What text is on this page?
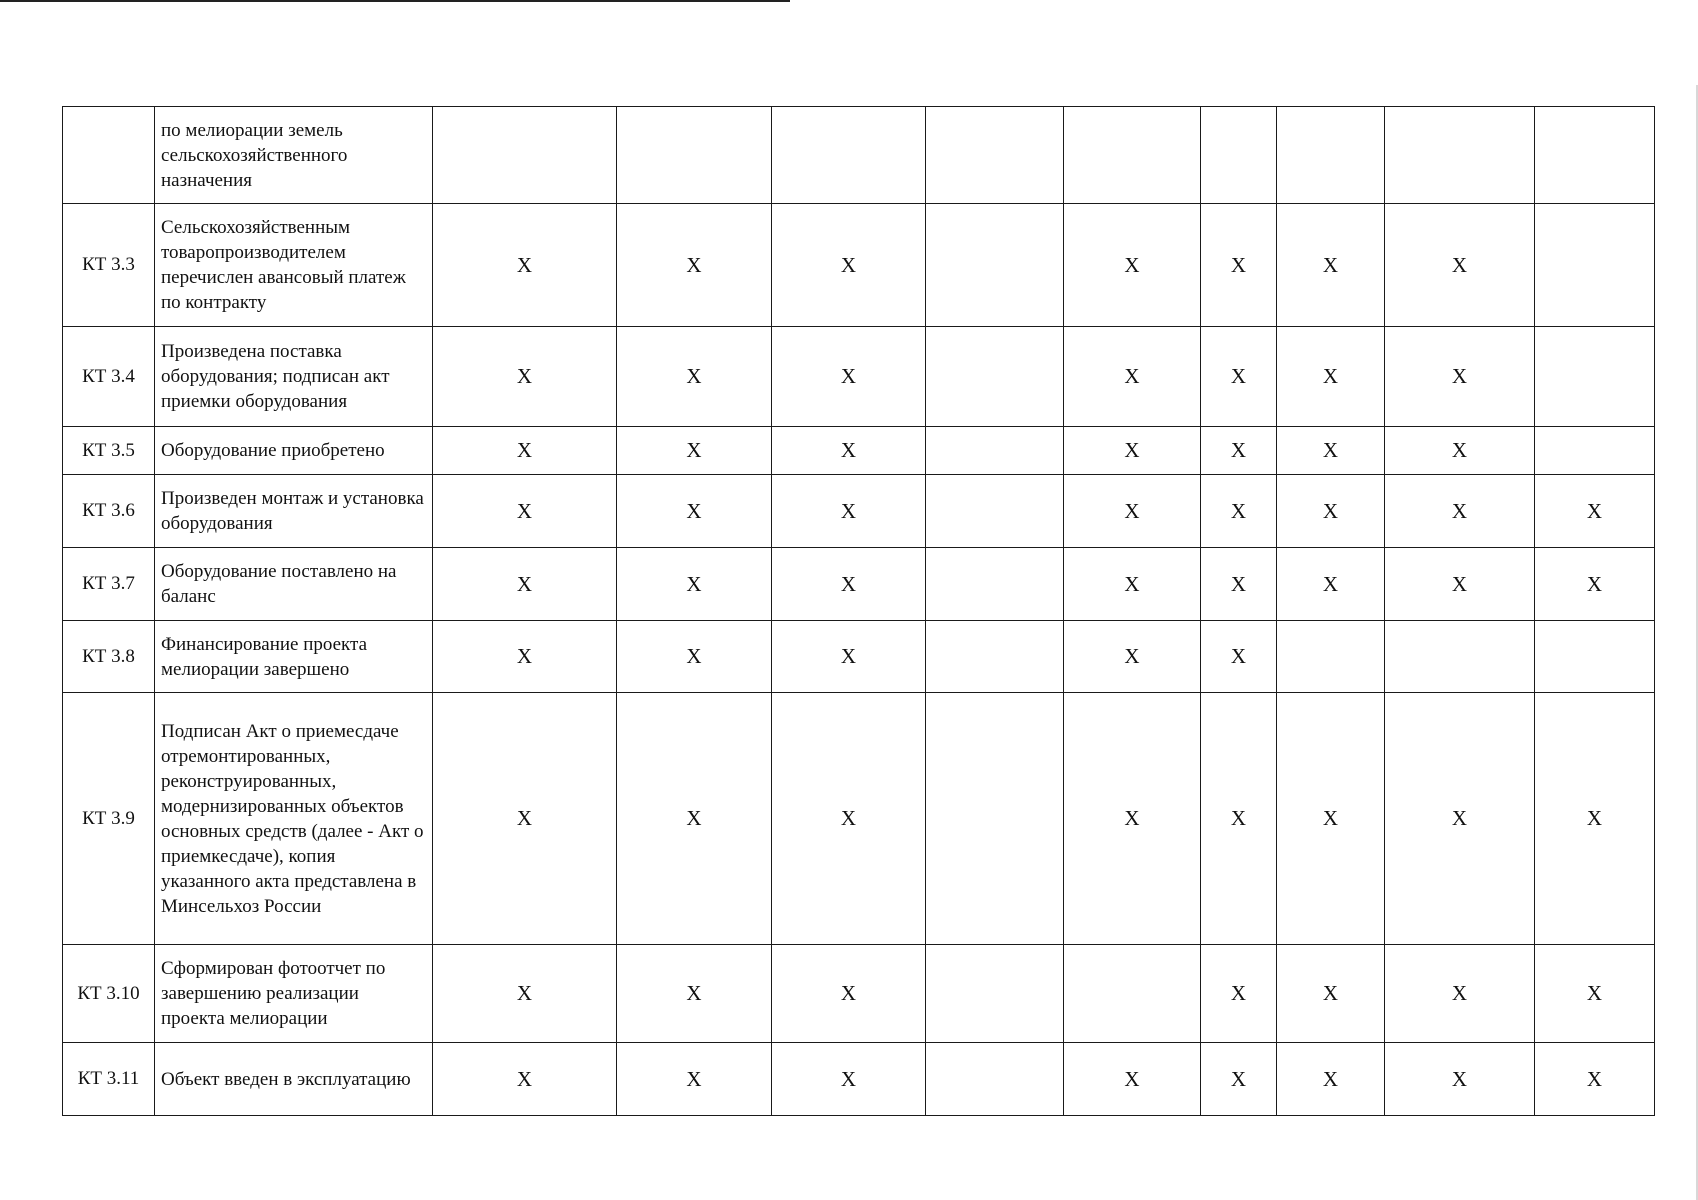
	по мелиорации земель сельскохозяйственного назначения									
КТ 3.3	Сельскохозяйственным товаропроизводителем перечислен авансовый платеж по контракту	X	X	X		X	X	X	X	
КТ 3.4	Произведена поставка оборудования; подписан акт приемки оборудования	X	X	X		X	X	X	X	
КТ 3.5	Оборудование приобретено	X	X	X		X	X	X	X	
КТ 3.6	Произведен монтаж и установка оборудования	X	X	X		X	X	X	X	X
КТ 3.7	Оборудование поставлено на баланс	X	X	X		X	X	X	X	X
КТ 3.8	Финансирование проекта мелиорации завершено	X	X	X		X	X			
КТ 3.9	Подписан Акт о приемесдаче отремонтированных, реконструированных, модернизированных объектов основных средств (далее - Акт о приемкесдаче), копия указанного акта представлена в Минсельхоз России	X	X	X		X	X	X	X	X
КТ 3.10	Сформирован фотоотчет по завершению реализации проекта мелиорации	X	X	X			X	X	X	X
КТ 3.11	Объект введен в эксплуатацию	X	X	X		X	X	X	X	X
